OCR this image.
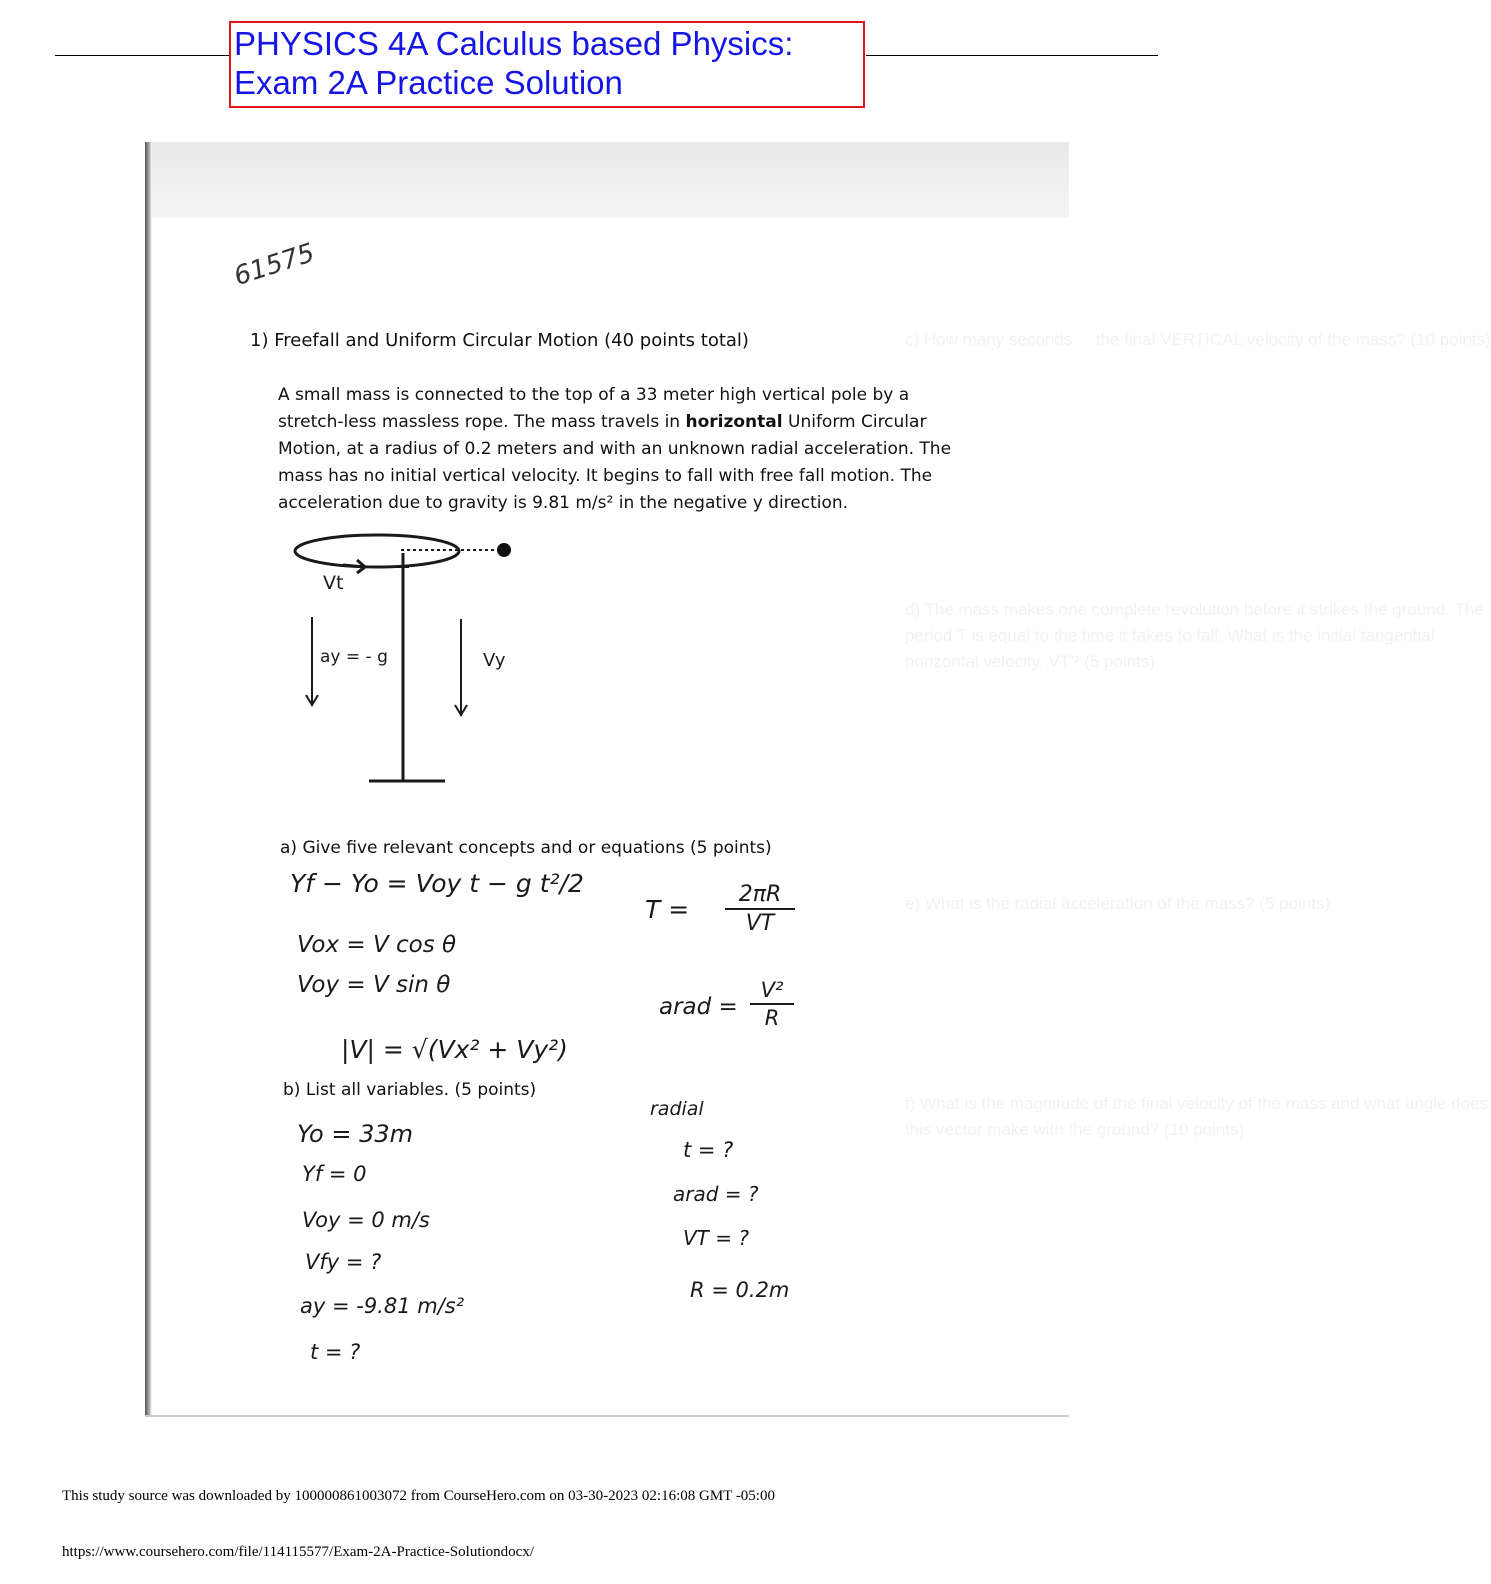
PHYSICS 4A Calculus based Physics:
Exam 2A Practice Solution
c) How many seconds ... the final VERTICAL velocity of the mass? (10 points)
d) The mass makes one complete revolution before it strikes the ground. The
period T is equal to the time it takes to fall. What is the initial tangential
horizontal velocity, VT? (5 points)
e) What is the radial acceleration of the mass? (5 points)
f) What is the magnitude of the final velocity of the mass and what angle does
this vector make with the ground? (10 points)
61575
1) Freefall and Uniform Circular Motion (40 points total)
A small mass is connected to the top of a 33 meter high vertical pole by a
stretch-less massless rope. The mass travels in horizontal Uniform Circular
Motion, at a radius of 0.2 meters and with an unknown radial acceleration. The
mass has no initial vertical velocity. It begins to fall with free fall motion. The
acceleration due to gravity is 9.81 m/s² in the negative y direction.
Vt
ay = - g	Vy
a) Give five relevant concepts and or equations (5 points)
Yf − Yo = Voy t − g t²/2
Vox = V cos θ
Voy = V sin θ
|V| = √(Vx² + Vy²)
T =
2πR
VT
arad =
V²
R
b) List all variables. (5 points)
Yo = 33m
Yf = 0
Voy = 0 m/s
Vfy = ?
ay = -9.81 m/s²
t = ?
radial
t = ?
arad = ?
VT = ?
R = 0.2m
This study source was downloaded by 100000861003072 from CourseHero.com on 03-30-2023 02:16:08 GMT -05:00
https://www.coursehero.com/file/114115577/Exam-2A-Practice-Solutiondocx/
